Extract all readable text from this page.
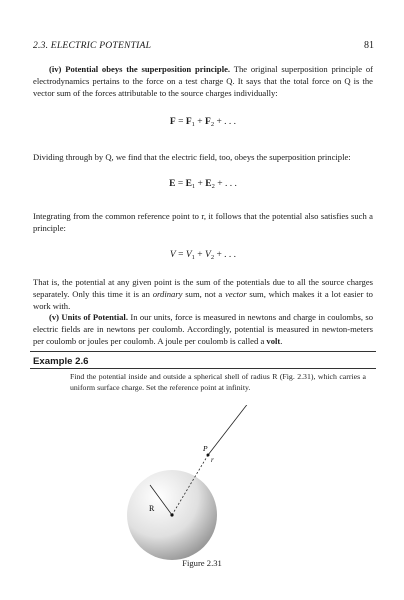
2.3. ELECTRIC POTENTIAL	81

(iv) Potential obeys the superposition principle. The original superposition principle of electrodynamics pertains to the force on a test charge Q. It says that the total force on Q is the vector sum of the forces attributable to the source charges individually:

$F = F_1 + F_2$ + . . .

Dividing through by Q, we find that the electric field, too, obeys the superposition principle:

$E = E_1 + E_2$ + . . .

Integrating from the common reference point to r, it follows that the potential also satisfies such a principle:

$V = V_1 + V_2$ + . . .

That is, the potential at any given point is the sum of the potentials due to all the source charges separately. Only this time it is an ordinary sum, not a vector sum, which makes it a lot easier to work with.

(v) Units of Potential. In our units, force is measured in newtons and charge in coulombs, so electric fields are in newtons per coulomb. Accordingly, potential is measured in newton-meters per coulomb or joules per coulomb. A joule per coulomb is called a volt.

Example 2.6

Find the potential inside and outside a spherical shell of radius R (Fig. 2.31), which carries a uniform surface charge. Set the reference point at infinity.

R
P
r
Figure 2.31
